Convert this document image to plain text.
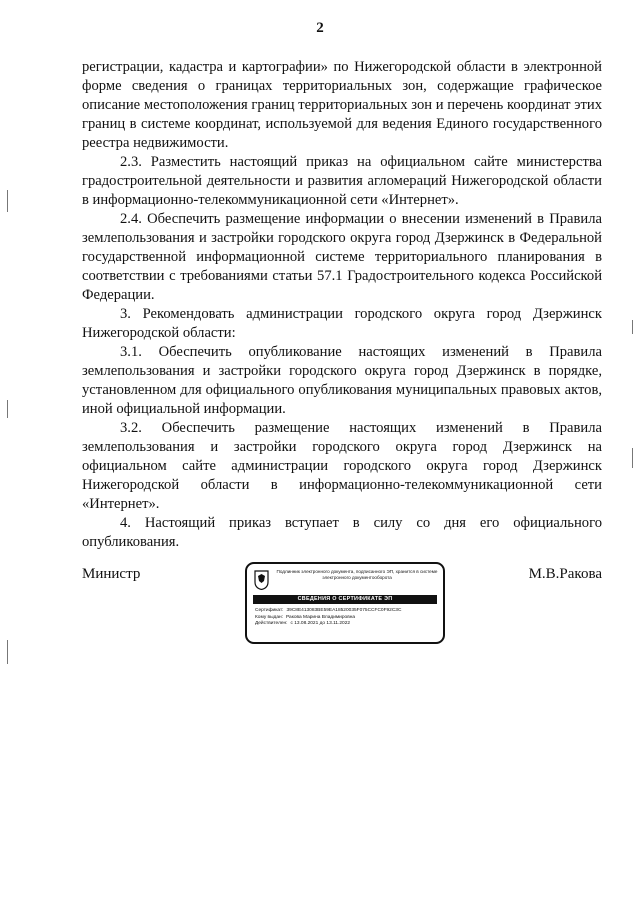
2

регистрации, кадастра и картографии» по Нижегородской области в электронной форме сведения о границах территориальных зон, содержащие графическое описание местоположения границ территориальных зон и перечень координат этих границ в системе координат, используемой для ведения Единого государственного реестра недвижимости.

2.3. Разместить настоящий приказ на официальном сайте министерства градостроительной деятельности и развития агломераций Нижегородской области в информационно-телекоммуникационной сети «Интернет».

2.4. Обеспечить размещение информации о внесении изменений в Правила землепользования и застройки городского округа город Дзержинск в Федеральной государственной информационной системе территориального планирования в соответствии с требованиями статьи 57.1 Градостроительного кодекса Российской Федерации.

3. Рекомендовать администрации городского округа город Дзержинск Нижегородской области:

3.1. Обеспечить опубликование настоящих изменений в Правила землепользования и застройки городского округа город Дзержинск в порядке, установленном для официального опубликования муниципальных правовых актов, иной официальной информации.

3.2. Обеспечить размещение настоящих изменений в Правила землепользования и застройки городского округа город Дзержинск на официальном сайте администрации городского округа город Дзержинск Нижегородской области в информационно-телекоммуникационной сети «Интернет».

4. Настоящий приказ вступает в силу со дня его официального опубликования.

Министр	Подлинник электронного документа, подписанного ЭП, хранится в системе электронного документооборота
СВЕДЕНИЯ О СЕРТИФИКАТЕ ЭП
Сертификат: 39C8E413083BE59EA18520035F075CCFC0F92C3C
Кому выдан: Ракова Марина Владимировна
Действителен: с 13.08.2021 до 13.11.2022
М.В.Ракова
